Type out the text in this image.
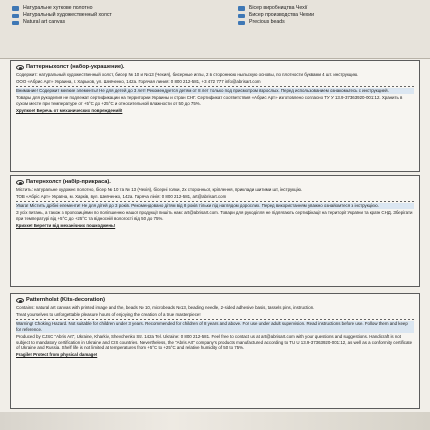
Натуральне хуткове полотно
Натуральный художественный холст
Natural art canvas
Бісер виробництва Чехії
Бисер производства Чехии
Precious beads
Паттерныхолст (набор-украшение).
Содержит: натуральный художественный холст, бисер № 10 и №13 (Чехия), бисерные иглы, 2 в стороннюю ныльскую основы, по плотности буквами 4 шт. инструкцию.
ООО «Абрис Арт» Украина, г. Харьков, ул. Шевченко, 142а. Горячая линия: 0 800 212-581, +3 472 777 info@abrisart.com
Внимание! Содержит мелкие элементы! Не для детей до 3 лет! Рекомендуется детям от 8 лет только под присмотром взрослых. Перед использованием ознакомьтесь с инструкцией.
Товары для рукоделия не подлежат сертификации на территории Украины и стран СНГ. Сертификат соответствия «Абрис Арт» изготовлено согласно ТУ У 13.9-37363920-001:12. Хранить в сухом месте при температуре от +5°С до +25°С и относительной влажности от 50 до 75%.
Хрупкое! Беречь от механических повреждений!
Патернхолст (набір-прикраса).
Містить: натуральне художнє полотно, бісер № 10 та № 13 (Чехія), бісерні голки, 2х сторонньої, кріплення, приклади шитими шт, інструкцію.
ТОВ «Абріс Арт» Україна, м. Харків, вул. Шевченко, 142а. Гаряча лінія: 0 800 212-581, art@abrisart.com
Увага! Містить дрібні елементи! Не для дітей до 3 років. Рекомендовано дітям від 8 років тільки під наглядом дорослих. Перед використанням уважно ознайомтеся з інструкцією.
З усіх питань, а також з пропозиціями по поліпшенню нашої продукції пишіть нам: art@abrisart.com. Товари для рукоділля не підлягають сертифікації на території України та країн СНД. Зберігати при температурі від +5°С до +25°С та відносній вологості від 50 до 75%.
Крихке! Берегти від механічних пошкоджень!
Patternholst (Kits-decoration)
Contains: natural art canvas with printed image and the, beads № 10, microbeads №13, beading needle, 2-sided adhesive basis, tassels pins, instruction.
Treat yourselves to unforgettable pleasure hours of enjoying the creation of a true masterpiece!
Warning! Choking Hazard. Not suitable for children under 3 years. Recommended for children of 8 years and above. For use under adult supervision. Read instructions before use. Follow them and keep for reference.
Produced by CJSC "Abris Art", Ukraine, Kharkiv, Shevchenko Str. 142a Tel. Ukraine: 0 800 212-581. Feel free to contact us at art@abrisart.com with your questions and suggestions. Handicraft is not subject to mandatory certification in Ukraine and CIS countries. Nevertheless, the "Abris Art" company's products manufactured according to TU U 13.9-37363920-001:12, as well as a conformity certificate of Ukraine and Russia. Shelf life is not limited at temperatures from +5°C to +25°C and relative humidity of 50 to 75%.
Fragile! Protect from physical damage!
